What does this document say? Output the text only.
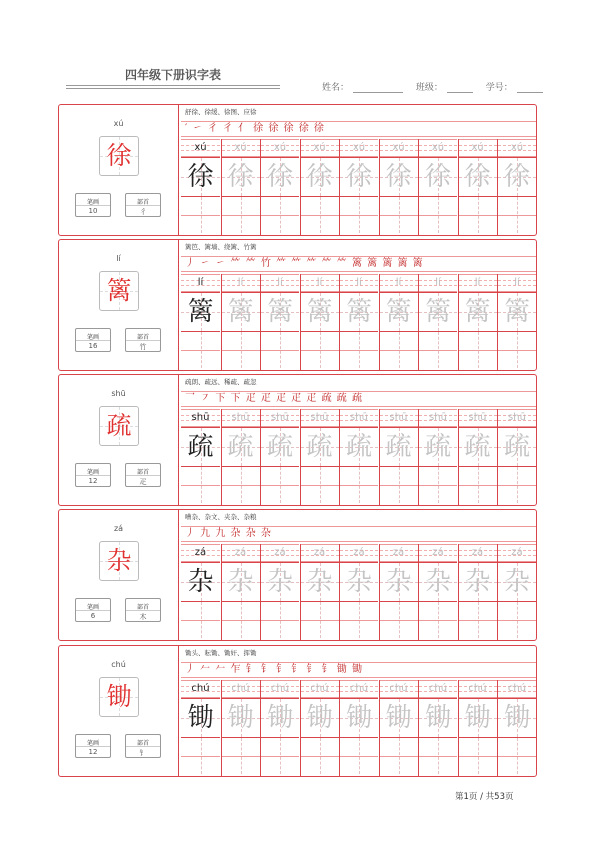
四年级下册识字表
姓名：	班级：	学号：
xú
徐
笔画
10
部首
彳
舒徐、徐缓、徐图、应徐
′ ㇀ 彳 彳 ⺅ 徐 徐 徐 徐 徐
xú
徐
xú
徐
xú
徐
xú
徐
xú
徐
xú
徐
xú
徐
xú
徐
xú
徐
lí
篱
笔画
16
部首
竹
篱笆、篱墙、绕篱、竹篱
丿 ㇀ ㇀ ⺮ ⺮ 竹 ⺮ ⺮ ⺮ ⺮ ⺮ 篱 篱 篱 篱 篱
lí
篱
lí
篱
lí
篱
lí
篱
lí
篱
lí
篱
lí
篱
lí
篱
lí
篱
shū
疏
笔画
12
部首
疋
疏朗、疏远、稀疏、疏忽
乛 ㇇ 下 下 疋 疋 疋 疋 疋 疏 疏 疏
shū
疏
shū
疏
shū
疏
shū
疏
shū
疏
shū
疏
shū
疏
shū
疏
shū
疏
zá
杂
笔画
6
部首
木
嘈杂、杂文、夹杂、杂粮
丿 九 九 杂 杂 杂
zá
杂
zá
杂
zá
杂
zá
杂
zá
杂
zá
杂
zá
杂
zá
杂
zá
杂
chú
锄
笔画
12
部首
钅
锄头、耘锄、锄奸、挥锄
丿 𠂉 𠂉 乍 钅 钅 钅 钅 钅 钅 锄 锄
chú
锄
chú
锄
chú
锄
chú
锄
chú
锄
chú
锄
chú
锄
chú
锄
chú
锄
第1页 / 共53页
